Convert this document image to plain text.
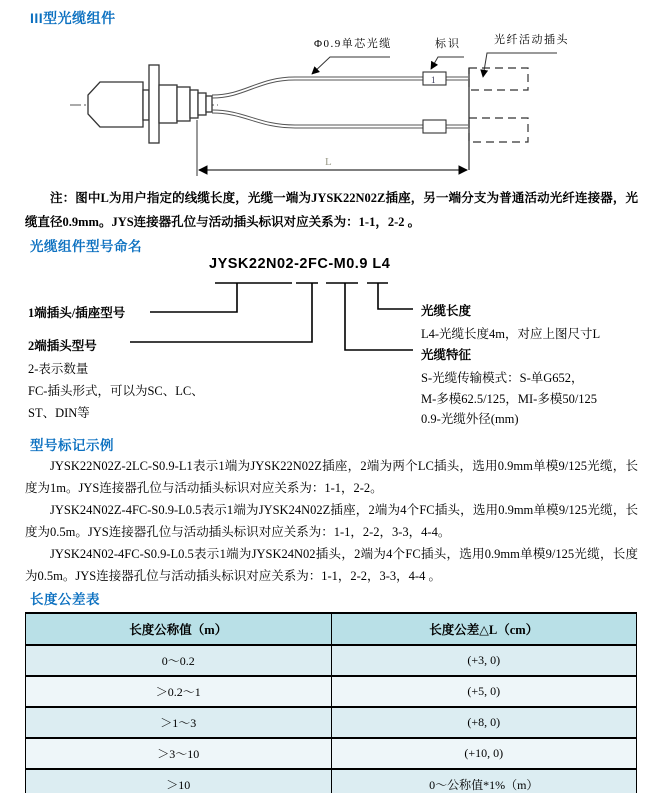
III型光缆组件
1
L
Φ0.9单芯光缆	标识	光纤活动插头
注：图中L为用户指定的线缆长度，光缆一端为JYSK22N02Z插座，另一端分支为普通活动光纤连接器，光缆直径0.9mm。JYS连接器孔位与活动插头标识对应关系为：1-1，2-2 。
光缆组件型号命名
JYSK22N02-2FC-M0.9 L4
1端插头/插座型号
2端插头型号
2-表示数量
FC-插头形式，可以为SC、LC、
ST、DIN等
光缆长度
L4-光缆长度4m，对应上图尺寸L
光缆特征
S-光缆传输模式：S-单G652，
M-多模62.5/125，MI-多模50/125
0.9-光缆外径(mm)
型号标记示例

JYSK22N02Z-2LC-S0.9-L1表示1端为JYSK22N02Z插座，2端为两个LC插头，选用0.9mm单模9/125光缆，长度为1m。JYS连接器孔位与活动插头标识对应关系为：1-1，2-2。

JYSK24N02Z-4FC-S0.9-L0.5表示1端为JYSK24N02Z插座，2端为4个FC插头，选用0.9mm单模9/125光缆，长度为0.5m。JYS连接器孔位与活动插头标识对应关系为：1-1，2-2，3-3，4-4。

JYSK24N02-4FC-S0.9-L0.5表示1端为JYSK24N02插头，2端为4个FC插头，选用0.9mm单模9/125光缆，长度为0.5m。JYS连接器孔位与活动插头标识对应关系为：1-1，2-2，3-3，4-4 。

长度公差表
长度公称值（m）	长度公差△L（cm）
0～0.2	(+3, 0)
＞0.2～1	(+5, 0)
＞1～3	(+8, 0)
＞3～10	(+10, 0)
＞10	0～公称值*1%（m）
